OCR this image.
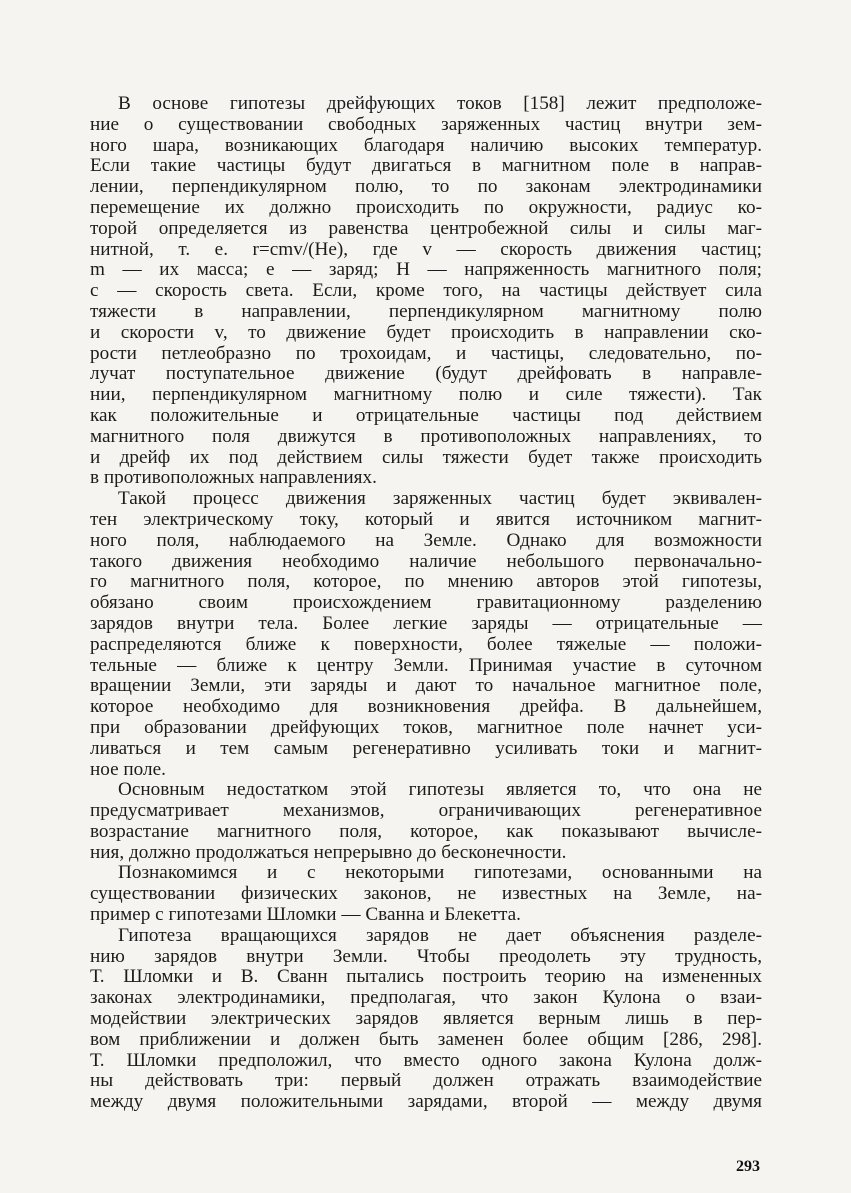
В основе гипотезы дрейфующих токов [158] лежит предположе-
ние о существовании свободных заряженных частиц внутри зем-
ного шара, возникающих благодаря наличию высоких температур.
Если такие частицы будут двигаться в магнитном поле в направ-
лении, перпендикулярном полю, то по законам электродинамики
перемещение их должно происходить по окружности, радиус ко-
торой определяется из равенства центробежной силы и силы маг-
нитной, т. е. r=cmv/(He), где v — скорость движения частиц;
m — их масса; e — заряд; H — напряженность магнитного поля;
c — скорость света. Если, кроме того, на частицы действует сила
тяжести в направлении, перпендикулярном магнитному полю
и скорости v, то движение будет происходить в направлении ско-
рости петлеобразно по трохоидам, и частицы, следовательно, по-
лучат поступательное движение (будут дрейфовать в направле-
нии, перпендикулярном магнитному полю и силе тяжести). Так
как положительные и отрицательные частицы под действием
магнитного поля движутся в противоположных направлениях, то
и дрейф их под действием силы тяжести будет также происходить
в противоположных направлениях.
Такой процесс движения заряженных частиц будет эквивален-
тен электрическому току, который и явится источником магнит-
ного поля, наблюдаемого на Земле. Однако для возможности
такого движения необходимо наличие небольшого первоначально-
го магнитного поля, которое, по мнению авторов этой гипотезы,
обязано своим происхождением гравитационному разделению
зарядов внутри тела. Более легкие заряды — отрицательные —
распределяются ближе к поверхности, более тяжелые — положи-
тельные — ближе к центру Земли. Принимая участие в суточном
вращении Земли, эти заряды и дают то начальное магнитное поле,
которое необходимо для возникновения дрейфа. В дальнейшем,
при образовании дрейфующих токов, магнитное поле начнет уси-
ливаться и тем самым регенеративно усиливать токи и магнит-
ное поле.
Основным недостатком этой гипотезы является то, что она не
предусматривает механизмов, ограничивающих регенеративное
возрастание магнитного поля, которое, как показывают вычисле-
ния, должно продолжаться непрерывно до бесконечности.
Познакомимся и с некоторыми гипотезами, основанными на
существовании физических законов, не известных на Земле, на-
пример с гипотезами Шломки — Сванна и Блекетта.
Гипотеза вращающихся зарядов не дает объяснения разделе-
нию зарядов внутри Земли. Чтобы преодолеть эту трудность,
Т. Шломки и В. Сванн пытались построить теорию на измененных
законах электродинамики, предполагая, что закон Кулона о взаи-
модействии электрических зарядов является верным лишь в пер-
вом приближении и должен быть заменен более общим [286, 298].
Т. Шломки предположил, что вместо одного закона Кулона долж-
ны действовать три: первый должен отражать взаимодействие
между двумя положительными зарядами, второй — между двумя
293
